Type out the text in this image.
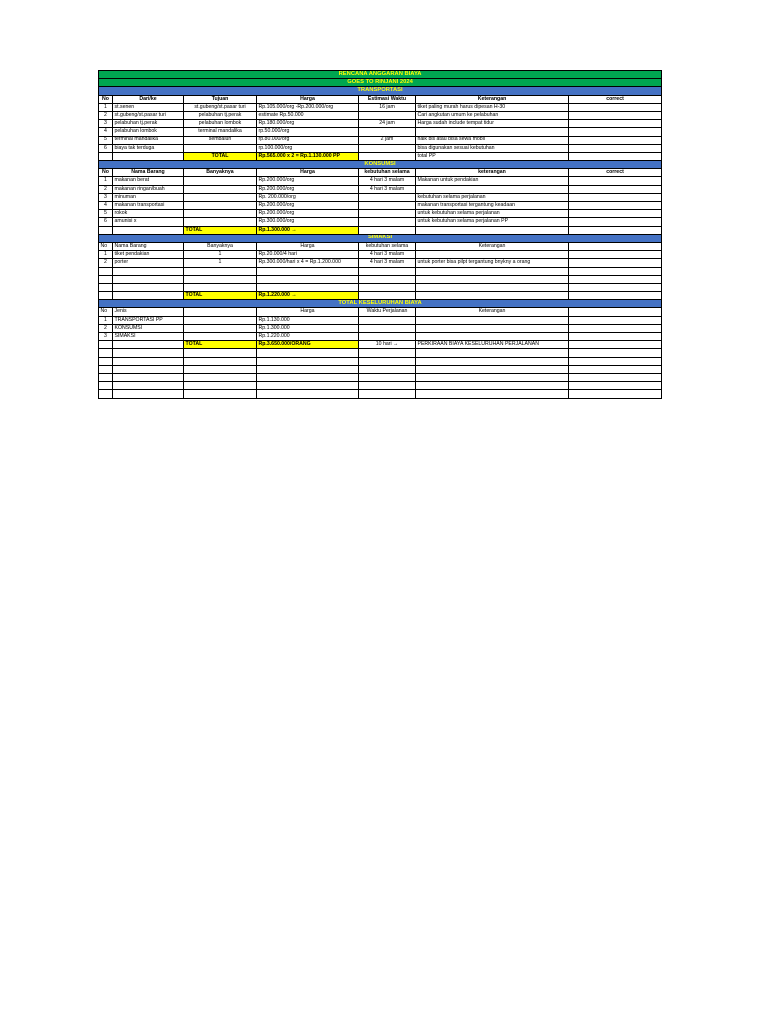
RENCANA ANGGARAN BIAYA						
GOES TO RINJANI 2024						
TRANSPORTASI						
No	Dari/ke	Tujuan	Harga	Estimasi Waktu	Keterangan	correct
1	st.senen	st.gubeng/st.pasar turi	Rp.105.000/org -Rp.200.000/org	16 jam	tiket paling murah harus dipesan H-30	
2	st.gubeng/st.pasar turi	pelabuhan tj.perak	estimate Rp.50.000		Cari angkutan umum ke pelabuhan	
3	pelabuhan tj.perak	pelabuhan lombok	Rp.180.000/org	24 jam	Harga sudah include tempat tidur	
4	pelabuhan lombok	terminal mandalika	rp.50.000/org			
5	terminal mandalika	sembalun	rp.80.000/org	2 jam	naik bis atau bisa sewa mobil	
6	biaya tak terduga		rp.100.000/org		bisa digunakan sesuai kebutuhan	
		TOTAL	Rp.565.000 x 2 = Rp.1.130.000 PP		total PP	
KONSUMSI						
No	Nama Barang	Banyaknya	Harga	kebutuhan selama	keterangan	correct
1	makanan berat		Rp.200.000/org	4 hari 3 malam	Makanan untuk pendakian	
2	makanan ringan/buah		Rp.200.000/org	4 hari 3 malam		
3	minuman		Rp. 200.000/org		kebutuhan selama perjalanan	
4	makanan transportasi		Rp.200.000/org		makanan transportasi tergantung keadaan	
5	rokok		Rp.200.000/org		untuk kebutuhan selama perjalanan	
6	amunisi x		Rp.300.000/org		untuk kebutuhan selama perjalanan PP	
		TOTAL	Rp.1.300.000 →			
SIMAKSI						
No	Nama Barang	Banyaknya	Harga	kebutuhan selama	Keterangan	
1	tiket pendakian	1	Rp.20.000/4 hari	4 hari 3 malam		
2	porter	1	Rp.300.000/hari x 4 = Rp.1.200.000	4 hari 3 malam	untuk porter bisa pilpt tergantung bnykny a orang	

		TOTAL	Rp.1.220.000 →			
TOTAL KESELURUHAN BIAYA						
No	Jenis		Harga	Waktu Perjalanan	Keterangan	
1	TRANSPORTASI PP		Rp.1.130.000			
2	KONSUMSI		Rp.1.300.000			
3	SIMAKSI		Rp.1.220.000			
		TOTAL	Rp.3.650.000/ORANG	10 hari →	PERKIRAAN BIAYA KESELURUHAN PERJALANAN	
